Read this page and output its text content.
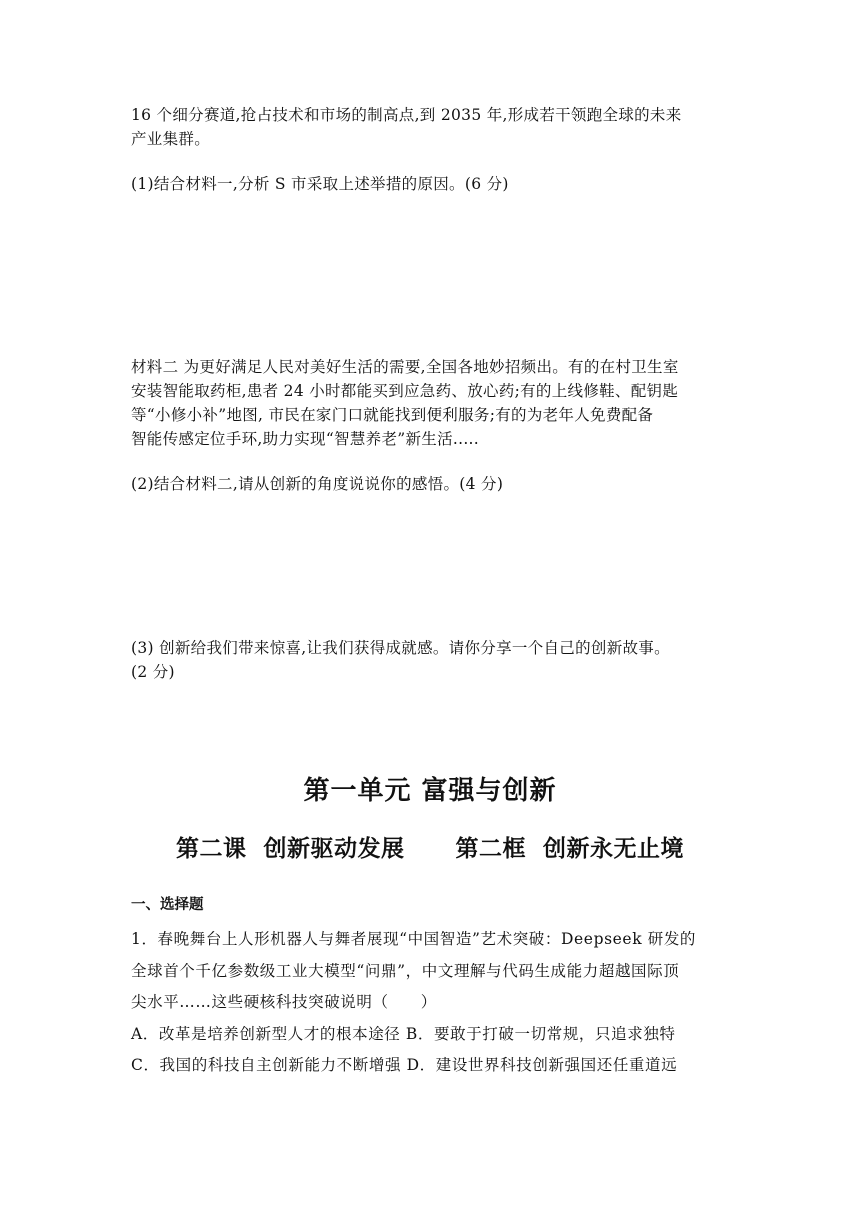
16 个细分赛道,抢占技术和市场的制高点,到 2035 年,形成若干领跑全球的未来
产业集群。
(1)结合材料一,分析 S 市采取上述举措的原因。(6 分)
材料二 为更好满足人民对美好生活的需要,全国各地妙招频出。有的在村卫生室
安装智能取药柜,患者 24 小时都能买到应急药、放心药;有的上线修鞋、配钥匙
等“小修小补”地图, 市民在家门口就能找到便利服务;有的为老年人免费配备
智能传感定位手环,助力实现“智慧养老”新生活.....
(2)结合材料二,请从创新的角度说说你的感悟。(4 分)
(3) 创新给我们带来惊喜,让我们获得成就感。请你分享一个自己的创新故事。
(2 分)
第一单元 富强与创新
第二课  创新驱动发展      第二框  创新永无止境
一、选择题
1．春晚舞台上人形机器人与舞者展现“中国智造”艺术突破：Deepseek 研发的
全球首个千亿参数级工业大模型“问鼎”，中文理解与代码生成能力超越国际顶
尖水平……这些硬核科技突破说明（　　）
A．改革是培养创新型人才的根本途径 B．要敢于打破一切常规，只追求独特
C．我国的科技自主创新能力不断增强 D．建设世界科技创新强国还任重道远
